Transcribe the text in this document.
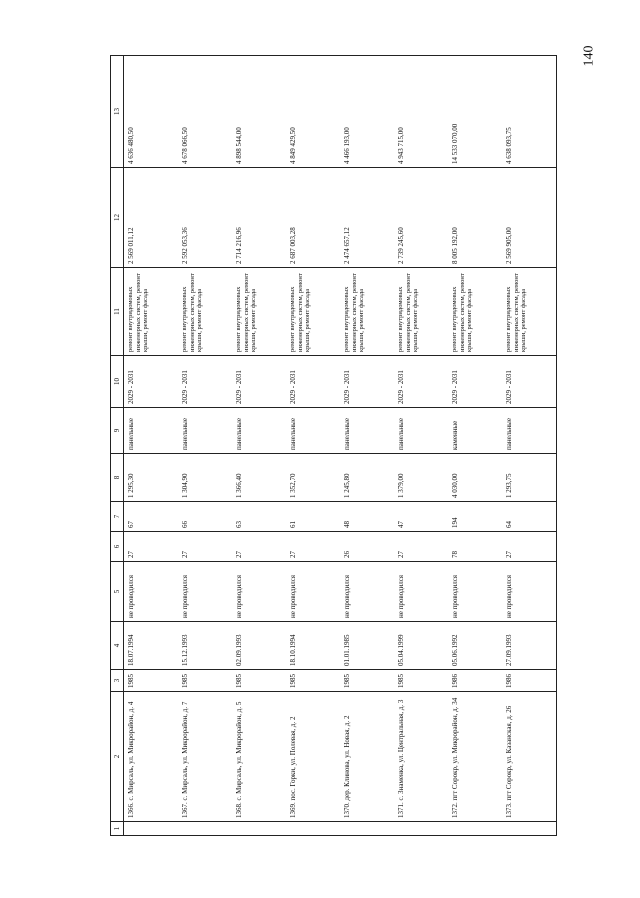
140
1	2	3	4	5	6	7	8	9	10	11	12	13
	1366. с. Мирсаль, ул. Микрорайон, д. 4	1985	18.07.1994	не проводился	27	67	1 295,30	панельные	2029 - 2031	ремонт внутридомовых инженерных систем, ремонт крыши, ремонт фасада	2 569 011,12	4 636 480,50
	1367. с. Мирсаль, ул. Микрорайон, д. 7	1985	15.12.1993	не проводился	27	66	1 304,90	панельные	2029 - 2031	ремонт внутридомовых инженерных систем, ремонт крыши, ремонт фасада	2 592 053,36	4 678 066,50
	1368. с. Мирсаль, ул. Микрорайон, д. 5	1985	02.09.1993	не проводился	27	63	1 366,40	панельные	2029 - 2031	ремонт внутридомовых инженерных систем, ремонт крыши, ремонт фасада	2 714 216,96	4 898 544,00
	1369. пос. Горки, ул. Полевая, д. 2	1985	18.10.1994	не проводился	27	61	1 352,70	панельные	2029 - 2031	ремонт внутридомовых инженерных систем, ремонт крыши, ремонт фасада	2 687 003,28	4 849 429,50
	1370. дер. Клинова, ул. Новая, д. 2	1985	01.01.1985	не проводился	26	48	1 245,80	панельные	2029 - 2031	ремонт внутридомовых инженерных систем, ремонт крыши, ремонт фасада	2 474 657,12	4 466 193,00
	1371. с. Знаменка, ул. Центральная, д. 3	1985	05.04.1999	не проводился	27	47	1 379,00	панельные	2029 - 2031	ремонт внутридомовых инженерных систем, ремонт крыши, ремонт фасада	2 739 245,60	4 943 715,00
	1372. пгт Сорокр, ул. Микрорайон, д. 34	1986	05.06.1992	не проводился	78	194	4 030,00	каменные	2029 - 2031	ремонт внутридомовых инженерных систем, ремонт крыши, ремонт фасада	8 005 192,00	14 533 070,00
	1373. пгт Сорокр, ул. Казанская, д. 26	1986	27.09.1993	не проводился	27	64	1 293,75	панельные	2029 - 2031	ремонт внутридомовых инженерных систем, ремонт крыши, ремонт фасада	2 569 905,00	4 638 093,75
